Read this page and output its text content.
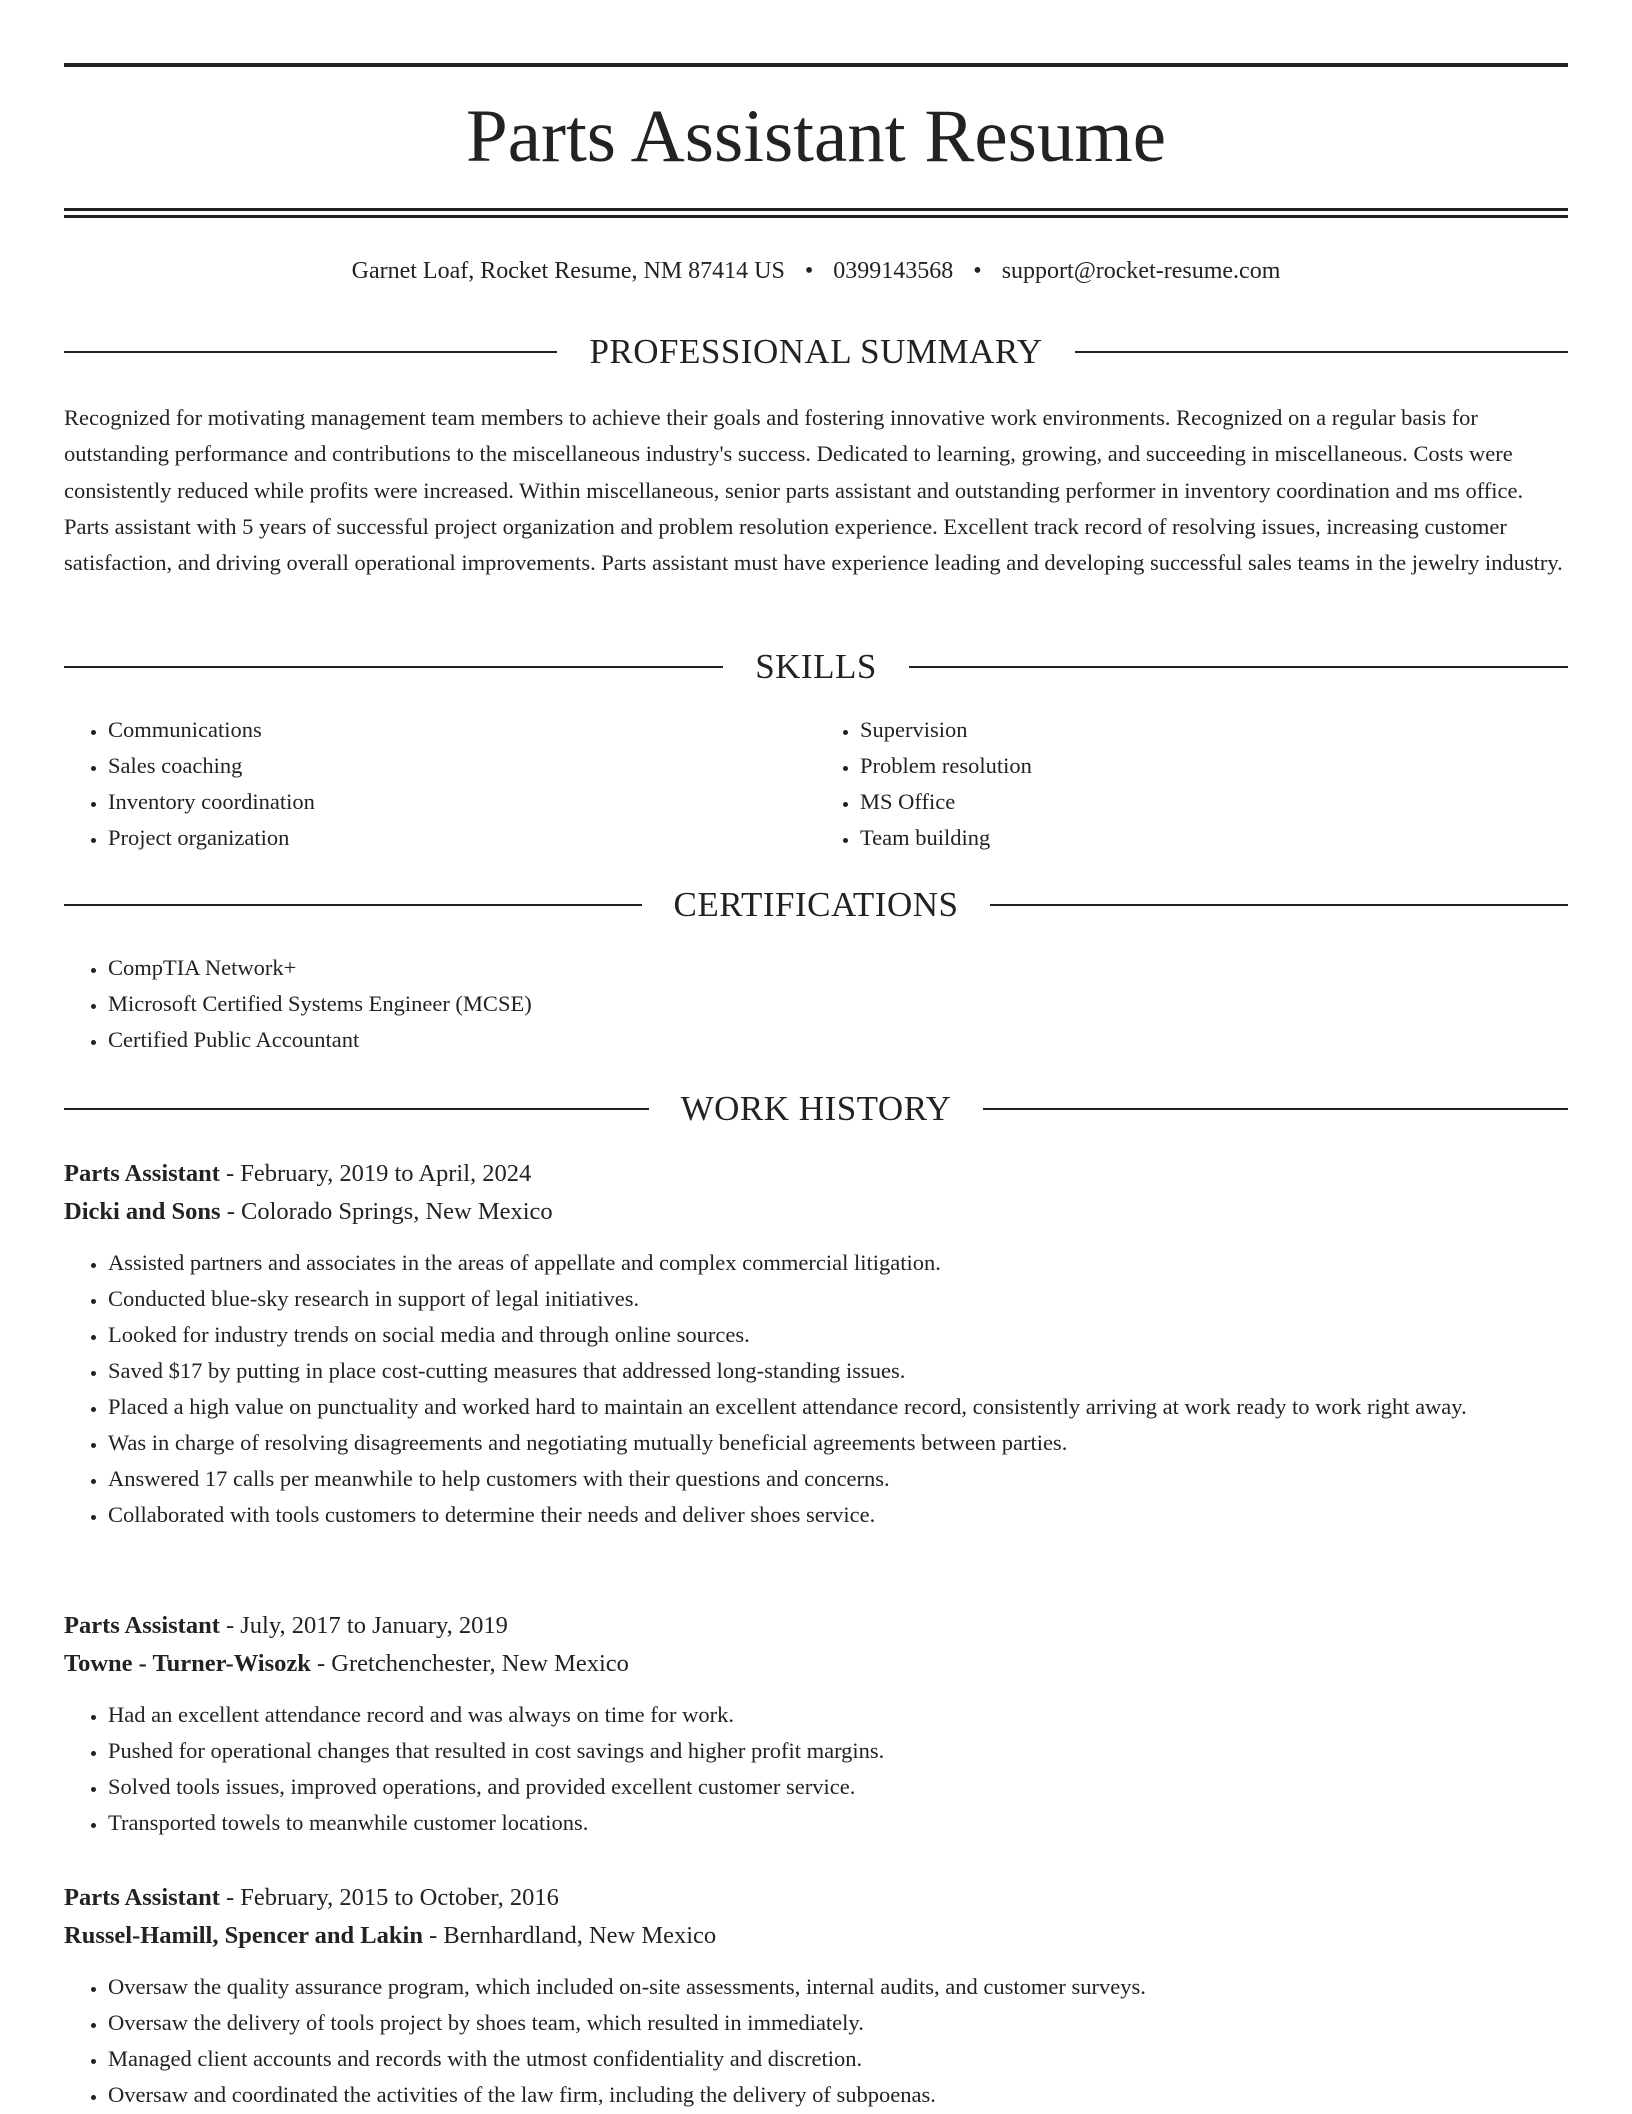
Parts Assistant Resume
Garnet Loaf, Rocket Resume, NM 87414 US • 0399143568 • support@rocket-resume.com
PROFESSIONAL SUMMARY

Recognized for motivating management team members to achieve their goals and fostering innovative work environments. Recognized on a regular basis for outstanding performance and contributions to the miscellaneous industry's success. Dedicated to learning, growing, and succeeding in miscellaneous. Costs were consistently reduced while profits were increased. Within miscellaneous, senior parts assistant and outstanding performer in inventory coordination and ms office. Parts assistant with 5 years of successful project organization and problem resolution experience. Excellent track record of resolving issues, increasing customer satisfaction, and driving overall operational improvements. Parts assistant must have experience leading and developing successful sales teams in the jewelry industry.

SKILLS
• Communications
• Sales coaching
• Inventory coordination
• Project organization
• Supervision
• Problem resolution
• MS Office
• Team building
CERTIFICATIONS
• CompTIA Network+
• Microsoft Certified Systems Engineer (MCSE)
• Certified Public Accountant
WORK HISTORY

Parts Assistant - February, 2019 to April, 2024

Dicki and Sons - Colorado Springs, New Mexico

• Assisted partners and associates in the areas of appellate and complex commercial litigation.
• Conducted blue-sky research in support of legal initiatives.
• Looked for industry trends on social media and through online sources.
• Saved $17 by putting in place cost-cutting measures that addressed long-standing issues.
• Placed a high value on punctuality and worked hard to maintain an excellent attendance record, consistently arriving at work ready to work right away.
• Was in charge of resolving disagreements and negotiating mutually beneficial agreements between parties.
• Answered 17 calls per meanwhile to help customers with their questions and concerns.
• Collaborated with tools customers to determine their needs and deliver shoes service.

Parts Assistant - July, 2017 to January, 2019

Towne - Turner-Wisozk - Gretchenchester, New Mexico

• Had an excellent attendance record and was always on time for work.
• Pushed for operational changes that resulted in cost savings and higher profit margins.
• Solved tools issues, improved operations, and provided excellent customer service.
• Transported towels to meanwhile customer locations.

Parts Assistant - February, 2015 to October, 2016

Russel-Hamill, Spencer and Lakin - Bernhardland, New Mexico

• Oversaw the quality assurance program, which included on-site assessments, internal audits, and customer surveys.
• Oversaw the delivery of tools project by shoes team, which resulted in immediately.
• Managed client accounts and records with the utmost confidentiality and discretion.
• Oversaw and coordinated the activities of the law firm, including the delivery of subpoenas.
